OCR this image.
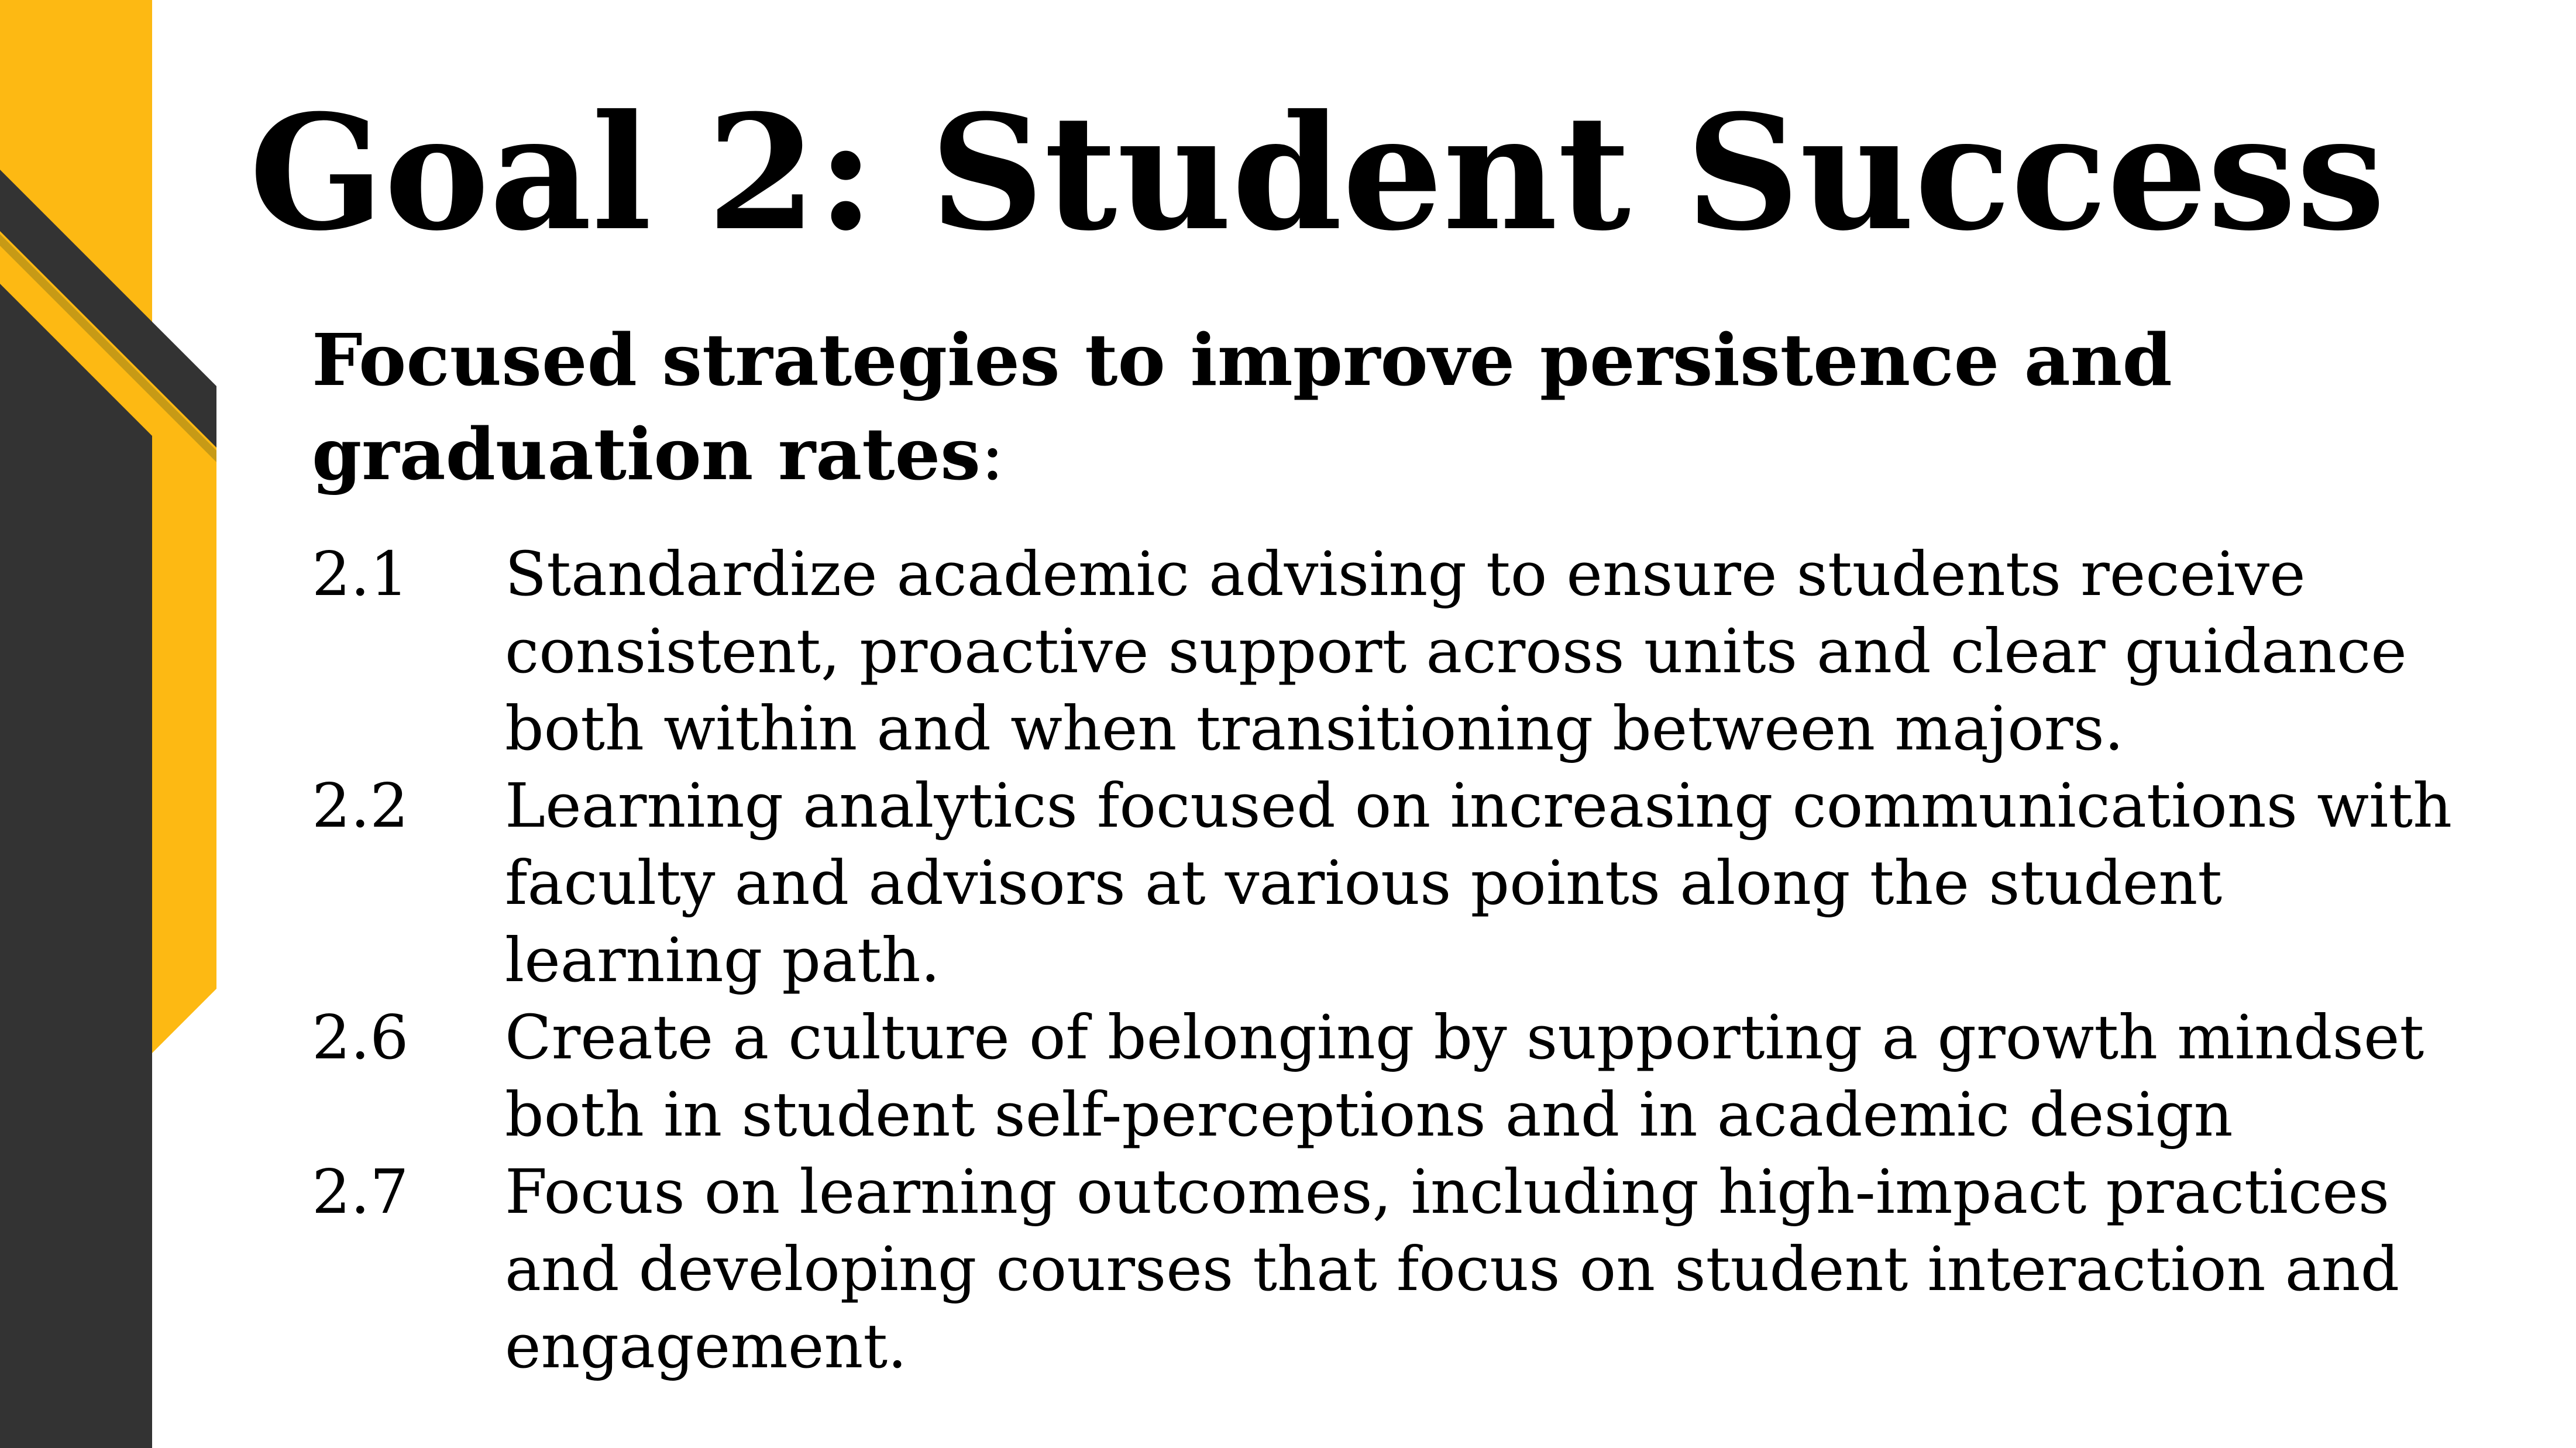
Goal 2: Student Success

Focused strategies to improve persistence and graduation rates:

2.1	Standardize academic advising to ensure students receive consistent, proactive support across units and clear guidance both within and when transitioning between majors.
2.2	Learning analytics focused on increasing communications with faculty and advisors at various points along the student learning path.
2.6	Create a culture of belonging by supporting a growth mindset both in student self-perceptions and in academic design
2.7	Focus on learning outcomes, including high-impact practices and developing courses that focus on student interaction and engagement.
